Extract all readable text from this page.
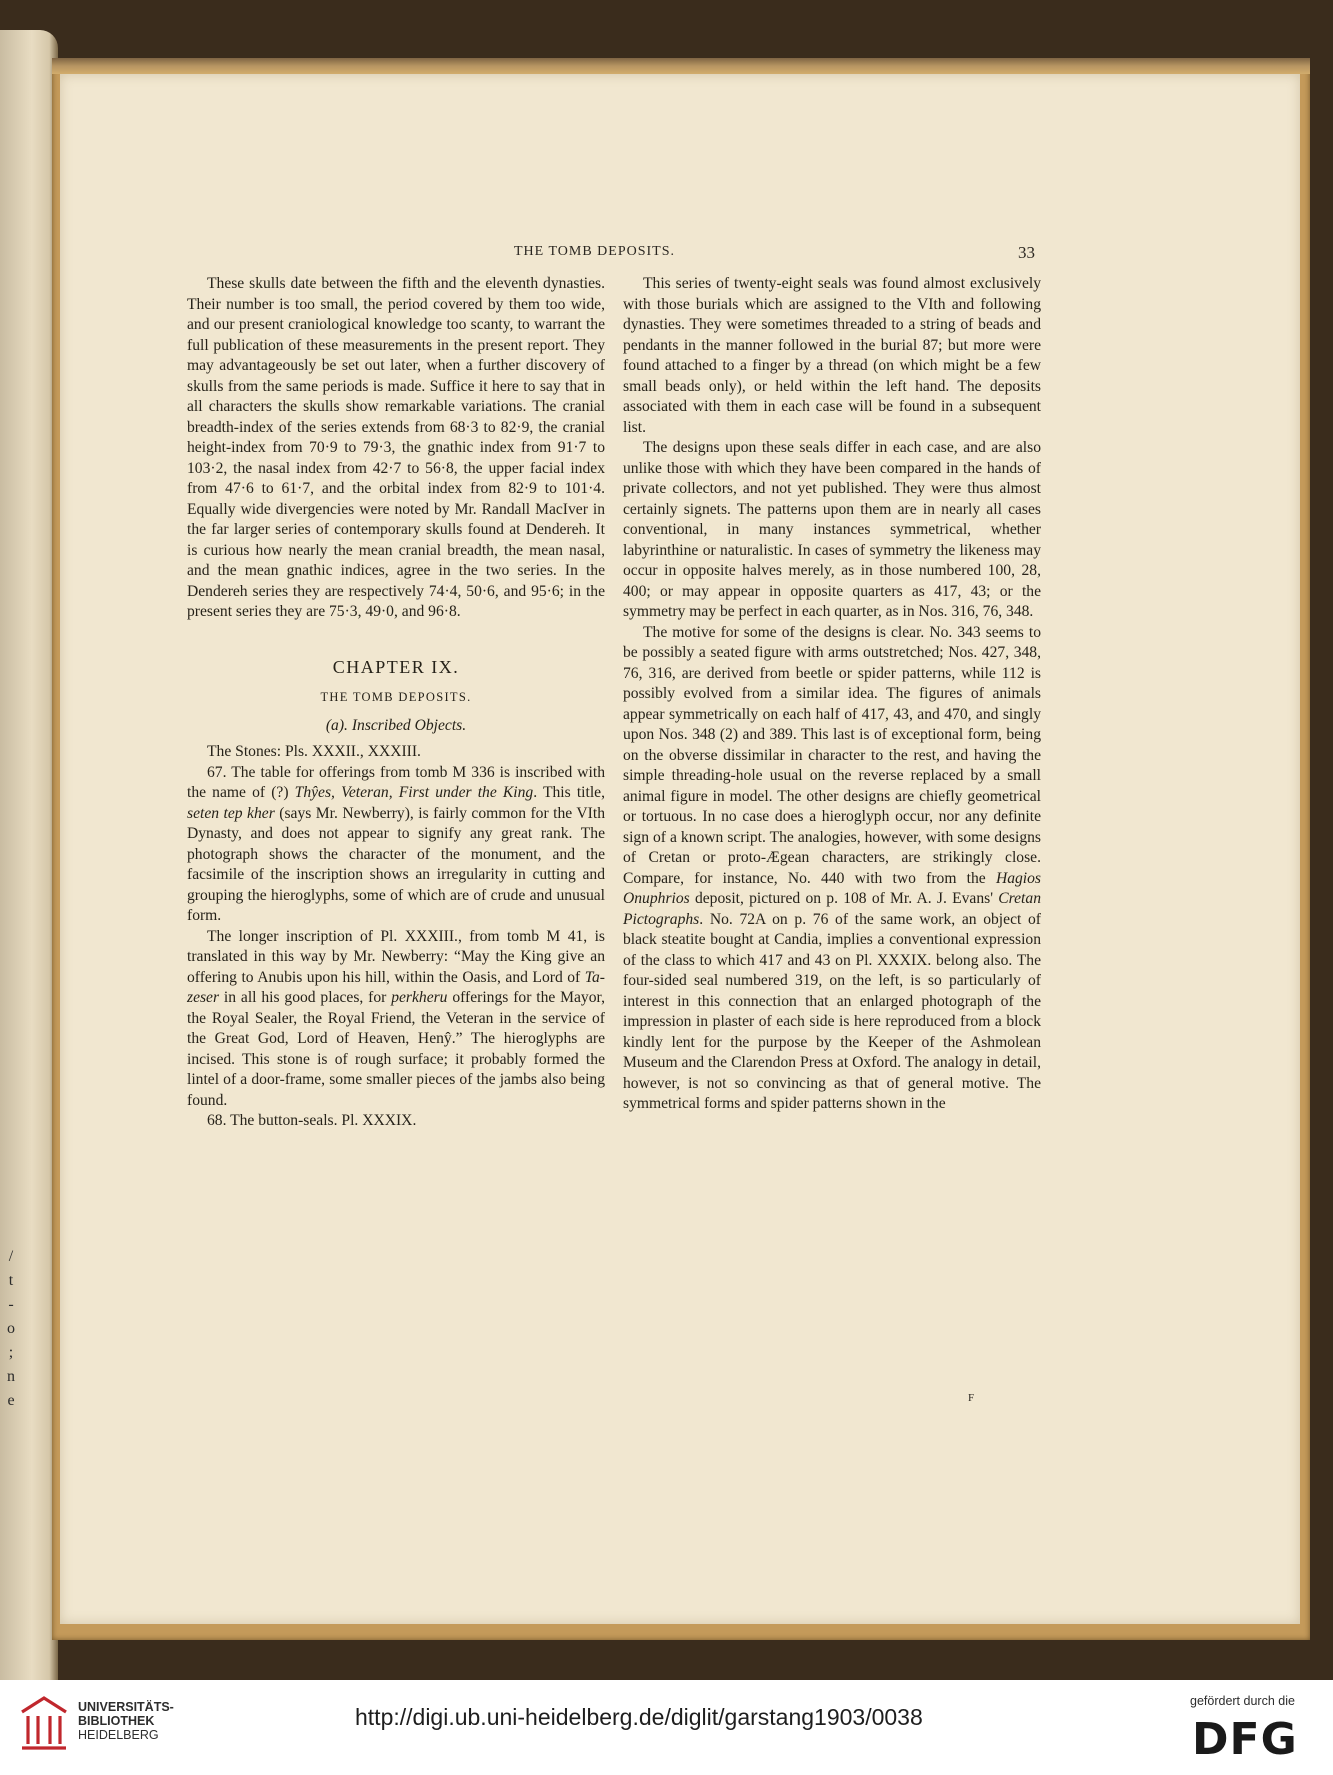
/
t
-
o
;
n
e
THE TOMB DEPOSITS.	33

These skulls date between the fifth and the eleventh dynasties. Their number is too small, the period covered by them too wide, and our present craniological knowledge too scanty, to warrant the full publication of these measurements in the present report. They may advantageously be set out later, when a further discovery of skulls from the same periods is made. Suffice it here to say that in all characters the skulls show remarkable variations. The cranial breadth-index of the series extends from 68·3 to 82·9, the cranial height-index from 70·9 to 79·3, the gnathic index from 91·7 to 103·2, the nasal index from 42·7 to 56·8, the upper facial index from 47·6 to 61·7, and the orbital index from 82·9 to 101·4. Equally wide divergencies were noted by Mr. Randall MacIver in the far larger series of contemporary skulls found at Dendereh. It is curious how nearly the mean cranial breadth, the mean nasal, and the mean gnathic indices, agree in the two series. In the Dendereh series they are respectively 74·4, 50·6, and 95·6; in the present series they are 75·3, 49·0, and 96·8.

CHAPTER IX.

THE TOMB DEPOSITS.

(a). Inscribed Objects.

The Stones: Pls. XXXII., XXXIII.

67. The table for offerings from tomb M 336 is inscribed with the name of (?) Thŷes, Veteran, First under the King. This title, seten tep kher (says Mr. Newberry), is fairly common for the VIth Dynasty, and does not appear to signify any great rank. The photograph shows the character of the monument, and the facsimile of the inscription shows an irregularity in cutting and grouping the hieroglyphs, some of which are of crude and unusual form.

The longer inscription of Pl. XXXIII., from tomb M 41, is translated in this way by Mr. Newberry: “May the King give an offering to Anubis upon his hill, within the Oasis, and Lord of Ta-zeser in all his good places, for perkheru offerings for the Mayor, the Royal Sealer, the Royal Friend, the Veteran in the service of the Great God, Lord of Heaven, Henŷ.” The hieroglyphs are incised. This stone is of rough surface; it probably formed the lintel of a door-frame, some smaller pieces of the jambs also being found.

68. The button-seals. Pl. XXXIX.

This series of twenty-eight seals was found almost exclusively with those burials which are assigned to the VIth and following dynasties. They were sometimes threaded to a string of beads and pendants in the manner followed in the burial 87; but more were found attached to a finger by a thread (on which might be a few small beads only), or held within the left hand. The deposits associated with them in each case will be found in a subsequent list.

The designs upon these seals differ in each case, and are also unlike those with which they have been compared in the hands of private collectors, and not yet published. They were thus almost certainly signets. The patterns upon them are in nearly all cases conventional, in many instances symmetrical, whether labyrinthine or naturalistic. In cases of symmetry the likeness may occur in opposite halves merely, as in those numbered 100, 28, 400; or may appear in opposite quarters as 417, 43; or the symmetry may be perfect in each quarter, as in Nos. 316, 76, 348.

The motive for some of the designs is clear. No. 343 seems to be possibly a seated figure with arms outstretched; Nos. 427, 348, 76, 316, are derived from beetle or spider patterns, while 112 is possibly evolved from a similar idea. The figures of animals appear symmetrically on each half of 417, 43, and 470, and singly upon Nos. 348 (2) and 389. This last is of exceptional form, being on the obverse dissimilar in character to the rest, and having the simple threading-hole usual on the reverse replaced by a small animal figure in model. The other designs are chiefly geometrical or tortuous. In no case does a hieroglyph occur, nor any definite sign of a known script. The analogies, however, with some designs of Cretan or proto-Ægean characters, are strikingly close. Compare, for instance, No. 440 with two from the Hagios Onuphrios deposit, pictured on p. 108 of Mr. A. J. Evans' Cretan Pictographs. No. 72A on p. 76 of the same work, an object of black steatite bought at Candia, implies a conventional expression of the class to which 417 and 43 on Pl. XXXIX. belong also. The four-sided seal numbered 319, on the left, is so particularly of interest in this connection that an enlarged photograph of the impression in plaster of each side is here reproduced from a block kindly lent for the purpose by the Keeper of the Ashmolean Museum and the Clarendon Press at Oxford. The analogy in detail, however, is not so convincing as that of general motive. The symmetrical forms and spider patterns shown in the

F
UNIVERSITÄTS-
BIBLIOTHEK
HEIDELBERG
http://digi.ub.uni-heidelberg.de/diglit/garstang1903/0038
gefördert durch die
DFG
